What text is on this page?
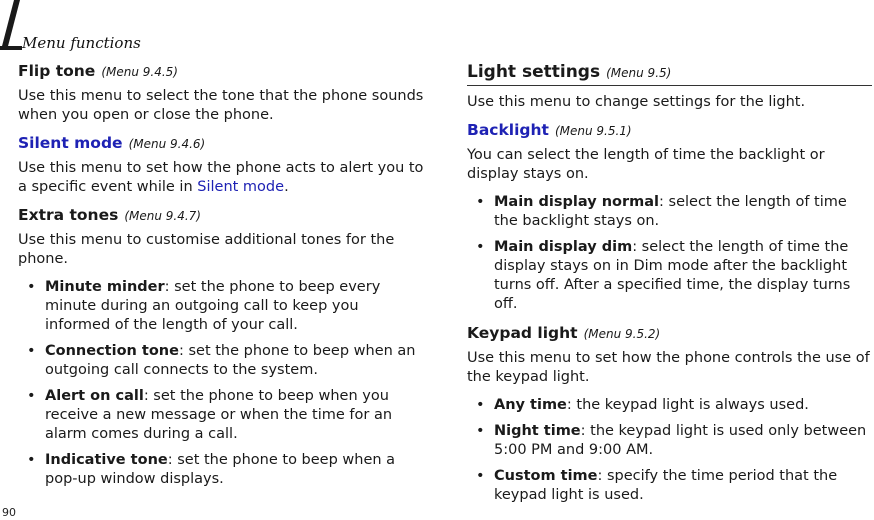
Menu functions
Flip tone (Menu 9.4.5)

Use this menu to select the tone that the phone sounds when you open or close the phone.

Silent mode (Menu 9.4.6)

Use this menu to set how the phone acts to alert you to a specific event while in Silent mode.

Extra tones (Menu 9.4.7)

Use this menu to customise additional tones for the phone.

• Minute minder: set the phone to beep every minute during an outgoing call to keep you informed of the length of your call.
• Connection tone: set the phone to beep when an outgoing call connects to the system.
• Alert on call: set the phone to beep when you receive a new message or when the time for an alarm comes during a call.
• Indicative tone: set the phone to beep when a pop-up window displays.
Light settings (Menu 9.5)

Use this menu to change settings for the light.

Backlight (Menu 9.5.1)

You can select the length of time the backlight or display stays on.

• Main display normal: select the length of time the backlight stays on.
• Main display dim: select the length of time the display stays on in Dim mode after the backlight turns off. After a specified time, the display turns off.
Keypad light (Menu 9.5.2)

Use this menu to set how the phone controls the use of the keypad light.

• Any time: the keypad light is always used.
• Night time: the keypad light is used only between 5:00 PM and 9:00 AM.
• Custom time: specify the time period that the keypad light is used.
90
